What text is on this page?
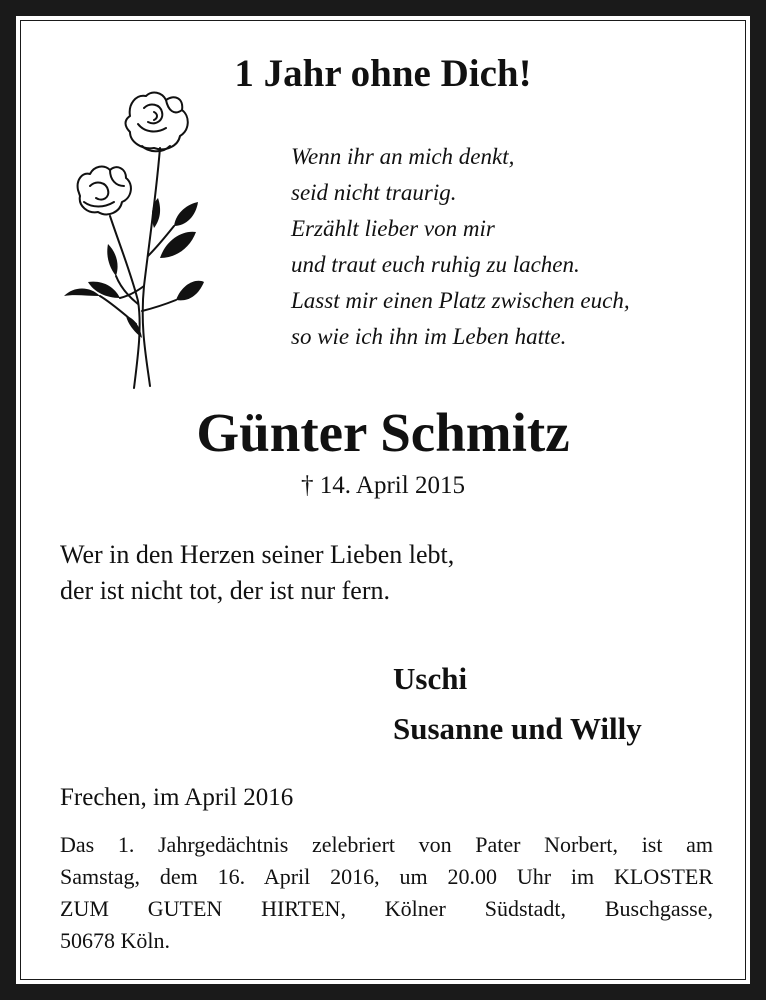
1 Jahr ohne Dich!
Wenn ihr an mich denkt,
seid nicht traurig.
Erzählt lieber von mir
und traut euch ruhig zu lachen.
Lasst mir einen Platz zwischen euch,
so wie ich ihn im Leben hatte.
Günter Schmitz
† 14. April 2015
Wer in den Herzen seiner Lieben lebt,
der ist nicht tot, der ist nur fern.
Uschi
Susanne und Willy
Frechen, im April 2016
Das 1. Jahrgedächtnis zelebriert von Pater Norbert, ist am
Samstag, dem 16. April 2016, um 20.00 Uhr im KLOSTER
ZUM GUTEN HIRTEN, Kölner Südstadt, Buschgasse,
50678 Köln.
